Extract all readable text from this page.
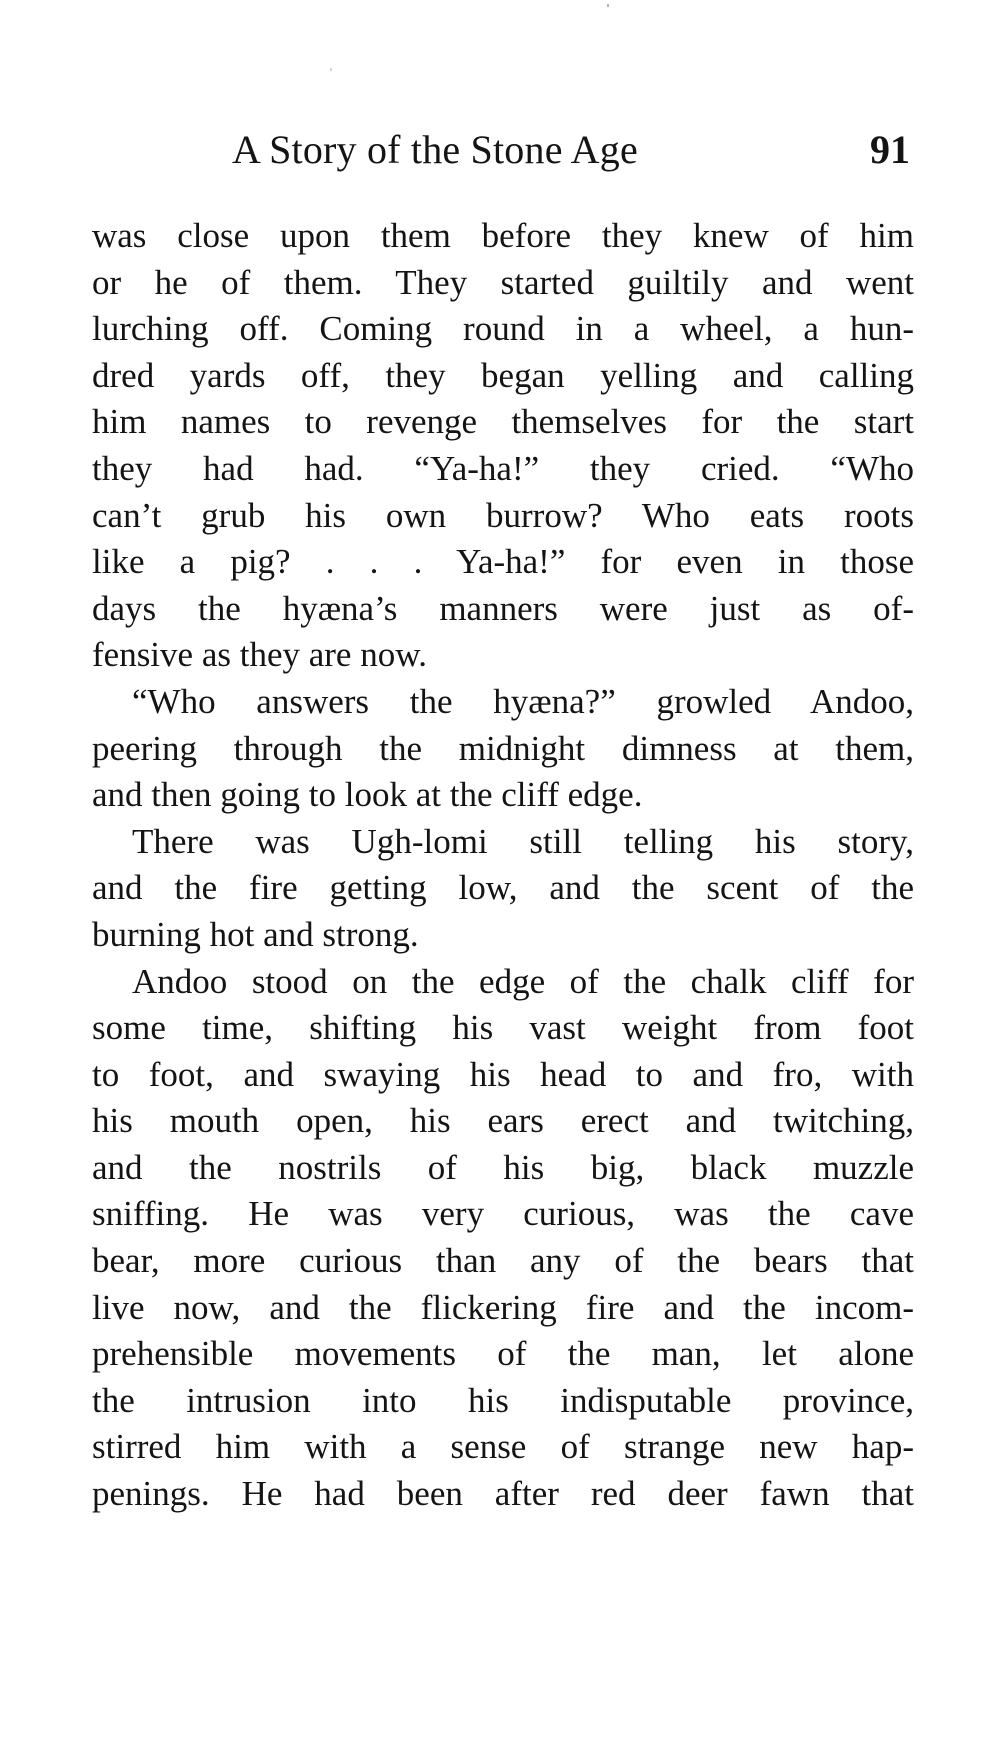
A Story of the Stone Age	91
was close upon them before they knew of him
or he of them. They started guiltily and went
lurching off. Coming round in a wheel, a hun-
dred yards off, they began yelling and calling
him names to revenge themselves for the start
they had had. “Ya-ha!” they cried. “Who
can’t grub his own burrow? Who eats roots
like a pig? . . . Ya-ha!” for even in those
days the hyæna’s manners were just as of-
fensive as they are now.
“Who answers the hyæna?” growled Andoo,
peering through the midnight dimness at them,
and then going to look at the cliff edge.
There was Ugh-lomi still telling his story,
and the fire getting low, and the scent of the
burning hot and strong.
Andoo stood on the edge of the chalk cliff for
some time, shifting his vast weight from foot
to foot, and swaying his head to and fro, with
his mouth open, his ears erect and twitching,
and the nostrils of his big, black muzzle
sniffing. He was very curious, was the cave
bear, more curious than any of the bears that
live now, and the flickering fire and the incom-
prehensible movements of the man, let alone
the intrusion into his indisputable province,
stirred him with a sense of strange new hap-
penings. He had been after red deer fawn that
